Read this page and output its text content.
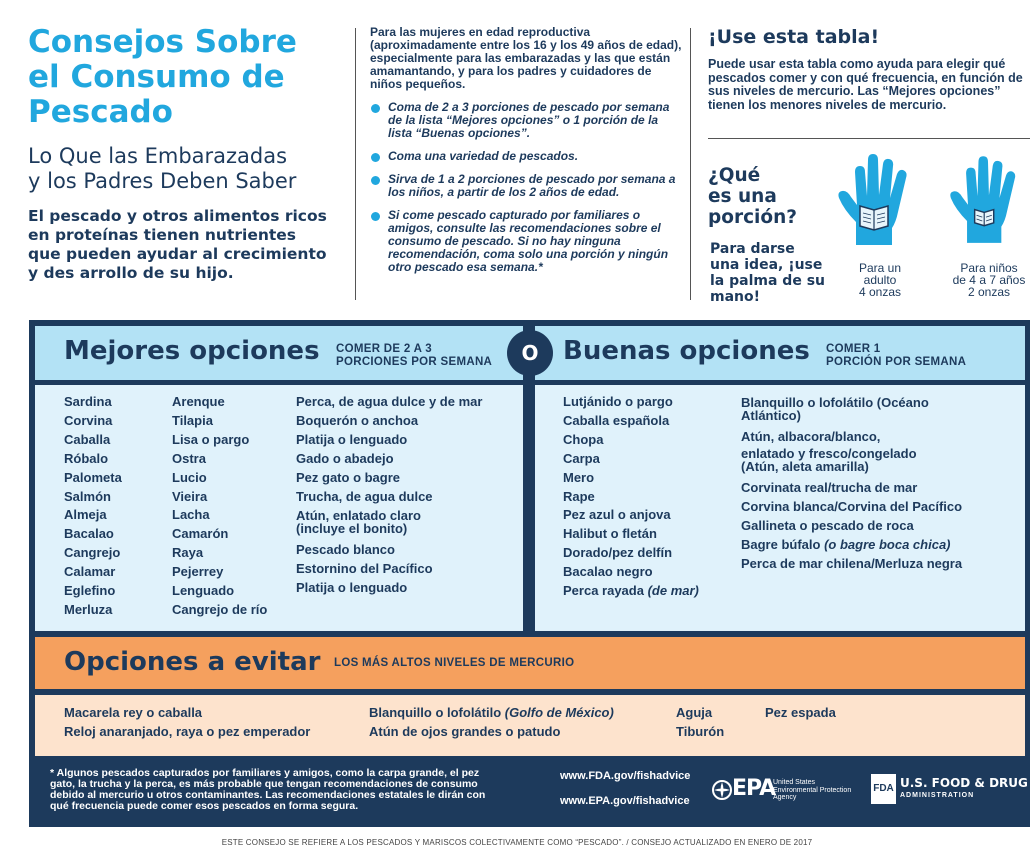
Consejos Sobre
el Consumo de
Pescado
Lo Que las Embarazadas
y los Padres Deben Saber
El pescado y otros alimentos ricos en proteínas tienen nutrientes que pueden ayudar al crecimiento y des arrollo de su hijo.
Para las mujeres en edad reproductiva (aproximadamente entre los 16 y los 49 años de edad), especialmente para las embarazadas y las que están amamantando, y para los padres y cuidadores de niños pequeños.
Coma de 2 a 3 porciones de pescado por semana de la lista “Mejores opciones” o 1 porción de la lista “Buenas opciones”.
Coma una variedad de pescados.
Sirva de 1 a 2 porciones de pescado por semana a los niños, a partir de los 2 años de edad.
Si come pescado capturado por familiares o amigos, consulte las recomendaciones sobre el consumo de pescado. Si no hay ninguna recomendación, coma solo una porción y ningún otro pescado esa semana.*
¡Use esta tabla!
Puede usar esta tabla como ayuda para elegir qué pescados comer y con qué frecuencia, en función de sus niveles de mercurio. Las “Mejores opciones” tienen los menores niveles de mercurio.
¿Qué
es una
porción?
Para darse una idea, ¡use la palma de su mano!
Para un
adulto
4 onzas
Para niños
de 4 a 7 años
2 onzas
Mejores opciones COMER DE 2 A 3
PORCIONES POR SEMANA	O Buenas opciones COMER 1
PORCIÓN POR SEMANA
Sardina
Corvina
Caballa
Róbalo
Palometa
Salmón
Almeja
Bacalao
Cangrejo
Calamar
Eglefino
Merluza
Arenque
Tilapia
Lisa o pargo
Ostra
Lucio
Vieira
Lacha
Camarón
Raya
Pejerrey
Lenguado
Cangrejo de río
Perca, de agua dulce y de mar
Boquerón o anchoa
Platija o lenguado
Gado o abadejo
Pez gato o bagre
Trucha, de agua dulce
Atún, enlatado claro (incluye el bonito)
Pescado blanco
Estornino del Pacífico
Platija o lenguado
Lutjánido o pargo
Caballa española
Chopa
Carpa
Mero
Rape
Pez azul o anjova
Halibut o fletán
Dorado/pez delfín
Bacalao negro
Perca rayada (de mar)
Blanquillo o lofolátilo (Océano Atlántico)
Atún, albacora/blanco,
enlatado y fresco/congelado (Atún, aleta amarilla)
Corvinata real/trucha de mar
Corvina blanca/Corvina del Pacífico
Gallineta o pescado de roca
Bagre búfalo (o bagre boca chica)
Perca de mar chilena/Merluza negra
Opciones a evitar LOS MÁS ALTOS NIVELES DE MERCURIO
Macarela rey o caballa
Reloj anaranjado, raya o pez emperador
Blanquillo o lofolátilo (Golfo de México)
Atún de ojos grandes o patudo
Aguja
Tiburón
Pez espada
* Algunos pescados capturados por familiares y amigos, como la carpa grande, el pez gato, la trucha y la perca, es más probable que tengan recomendaciones de consumo debido al mercurio u otros contaminantes. Las recomendaciones estatales le dirán con qué frecuencia puede comer esos pescados en forma segura.
www.FDA.gov/fishadvice
www.EPA.gov/fishadvice EPA
United States
Environmental Protection
Agency
FDA U.S. FOOD & DRUG
ADMINISTRATION
ESTE CONSEJO SE REFIERE A LOS PESCADOS Y MARISCOS COLECTIVAMENTE COMO “PESCADO”. / CONSEJO ACTUALIZADO EN ENERO DE 2017
